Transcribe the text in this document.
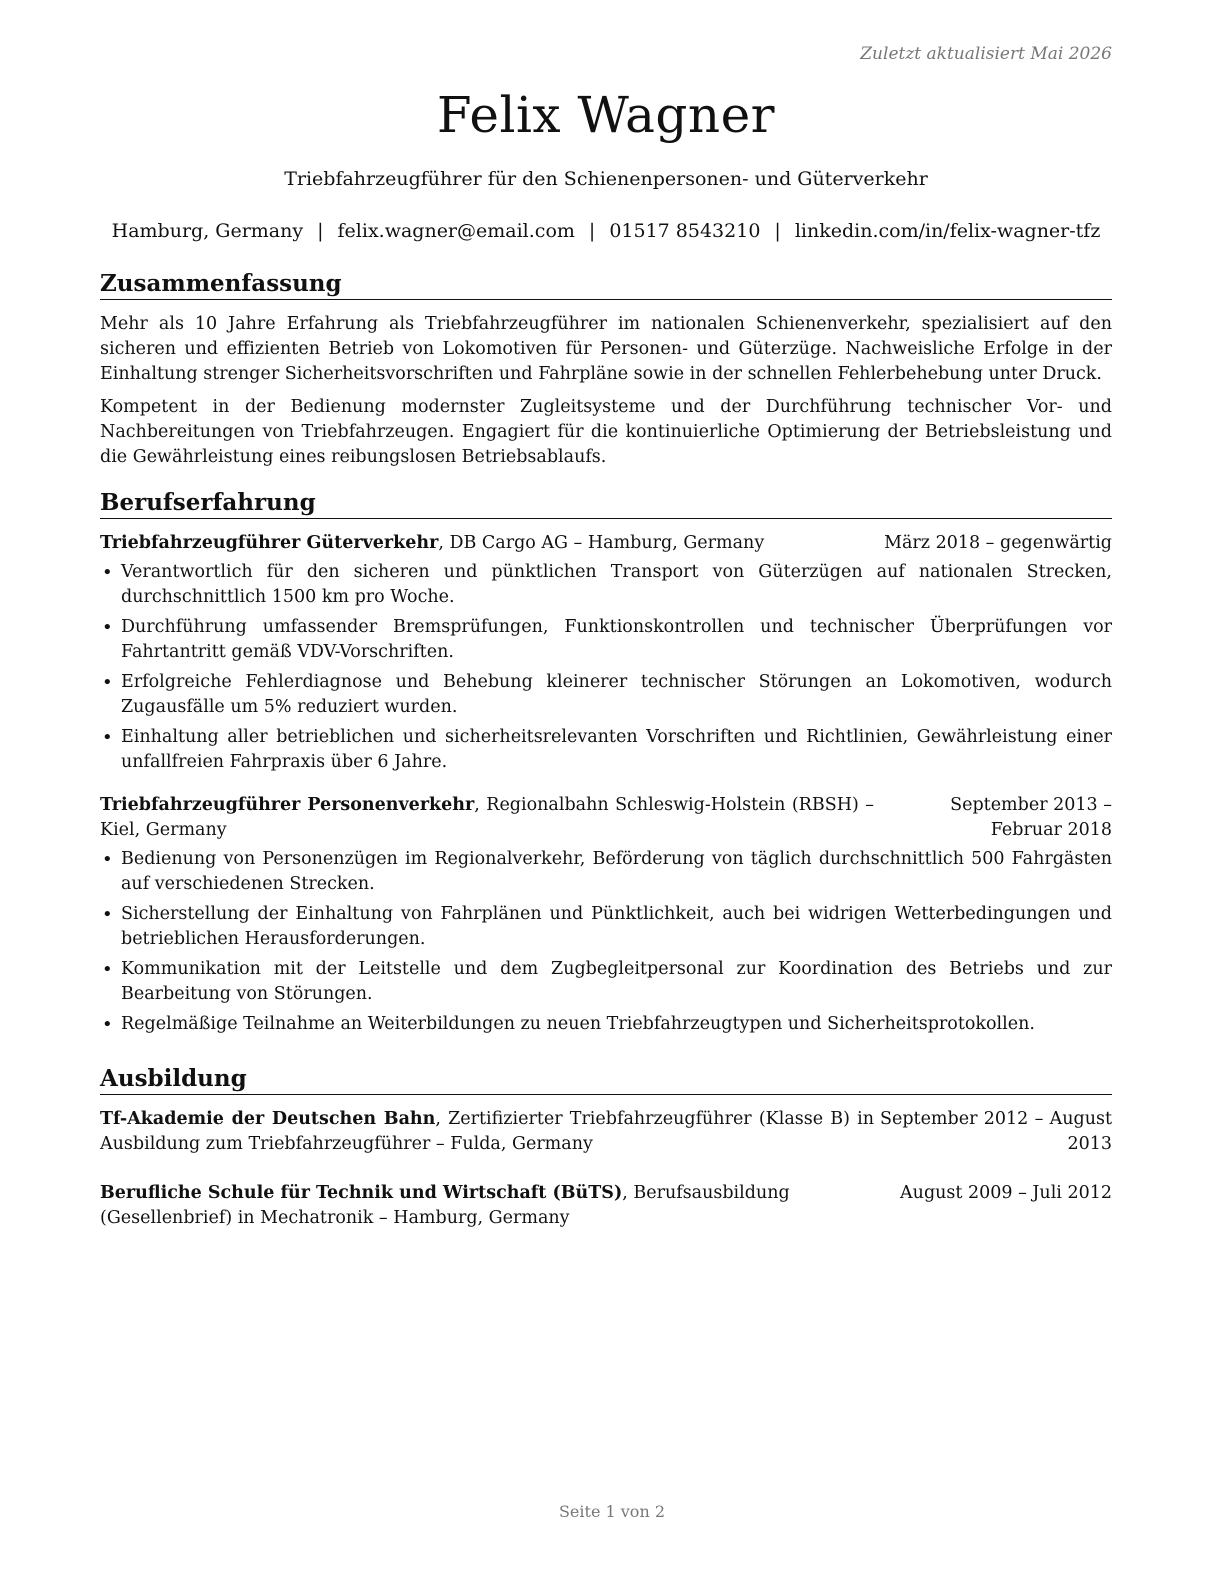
Zuletzt aktualisiert Mai 2026
Felix Wagner
Triebfahrzeugführer für den Schienenpersonen- und Güterverkehr
Hamburg, Germany | felix.wagner@email.com | 01517 8543210 | linkedin.com/in/felix-wagner-tfz
Zusammenfassung

Mehr als 10 Jahre Erfahrung als Triebfahrzeugführer im nationalen Schienenverkehr, spezialisiert auf den sicheren und effizienten Betrieb von Lokomotiven für Personen- und Güterzüge. Nachweisliche Erfolge in der Einhaltung strenger Sicherheitsvorschriften und Fahrpläne sowie in der schnellen Fehlerbehebung unter Druck.

Kompetent in der Bedienung modernster Zugleitsysteme und der Durchführung technischer Vor- und Nachbereitungen von Triebfahrzeugen. Engagiert für die kontinuierliche Optimierung der Betriebsleistung und die Gewährleistung eines reibungslosen Betriebsablaufs.

Berufserfahrung
Triebfahrzeugführer Güterverkehr, DB Cargo AG – Hamburg, Germany	März 2018 – gegenwärtig
• Verantwortlich für den sicheren und pünktlichen Transport von Güterzügen auf nationalen Strecken, durchschnittlich 1500 km pro Woche.
• Durchführung umfassender Bremsprüfungen, Funktionskontrollen und technischer Überprüfungen vor Fahrtantritt gemäß VDV-Vorschriften.
• Erfolgreiche Fehlerdiagnose und Behebung kleinerer technischer Störungen an Lokomotiven, wodurch Zugausfälle um 5% reduziert wurden.
• Einhaltung aller betrieblichen und sicherheitsrelevanten Vorschriften und Richtlinien, Gewährleistung einer unfallfreien Fahrpraxis über 6 Jahre.
Triebfahrzeugführer Personenverkehr, Regionalbahn Schleswig-Holstein (RBSH) – Kiel, Germany
September 2013 – Februar 2018
• Bedienung von Personenzügen im Regionalverkehr, Beförderung von täglich durchschnittlich 500 Fahrgästen auf verschiedenen Strecken.
• Sicherstellung der Einhaltung von Fahrplänen und Pünktlichkeit, auch bei widrigen Wetterbedingungen und betrieblichen Herausforderungen.
• Kommunikation mit der Leitstelle und dem Zugbegleitpersonal zur Koordination des Betriebs und zur Bearbeitung von Störungen.
• Regelmäßige Teilnahme an Weiterbildungen zu neuen Triebfahrzeugtypen und Sicherheitsprotokollen.
Ausbildung
Tf-Akademie der Deutschen Bahn, Zertifizierter Triebfahrzeugführer (Klasse B) in Ausbildung zum Triebfahrzeugführer – Fulda, Germany
September 2012 – August 2013
Berufliche Schule für Technik und Wirtschaft (BüTS), Berufsausbildung (Gesellenbrief) in Mechatronik – Hamburg, Germany
August 2009 – Juli 2012
Seite 1 von 2
